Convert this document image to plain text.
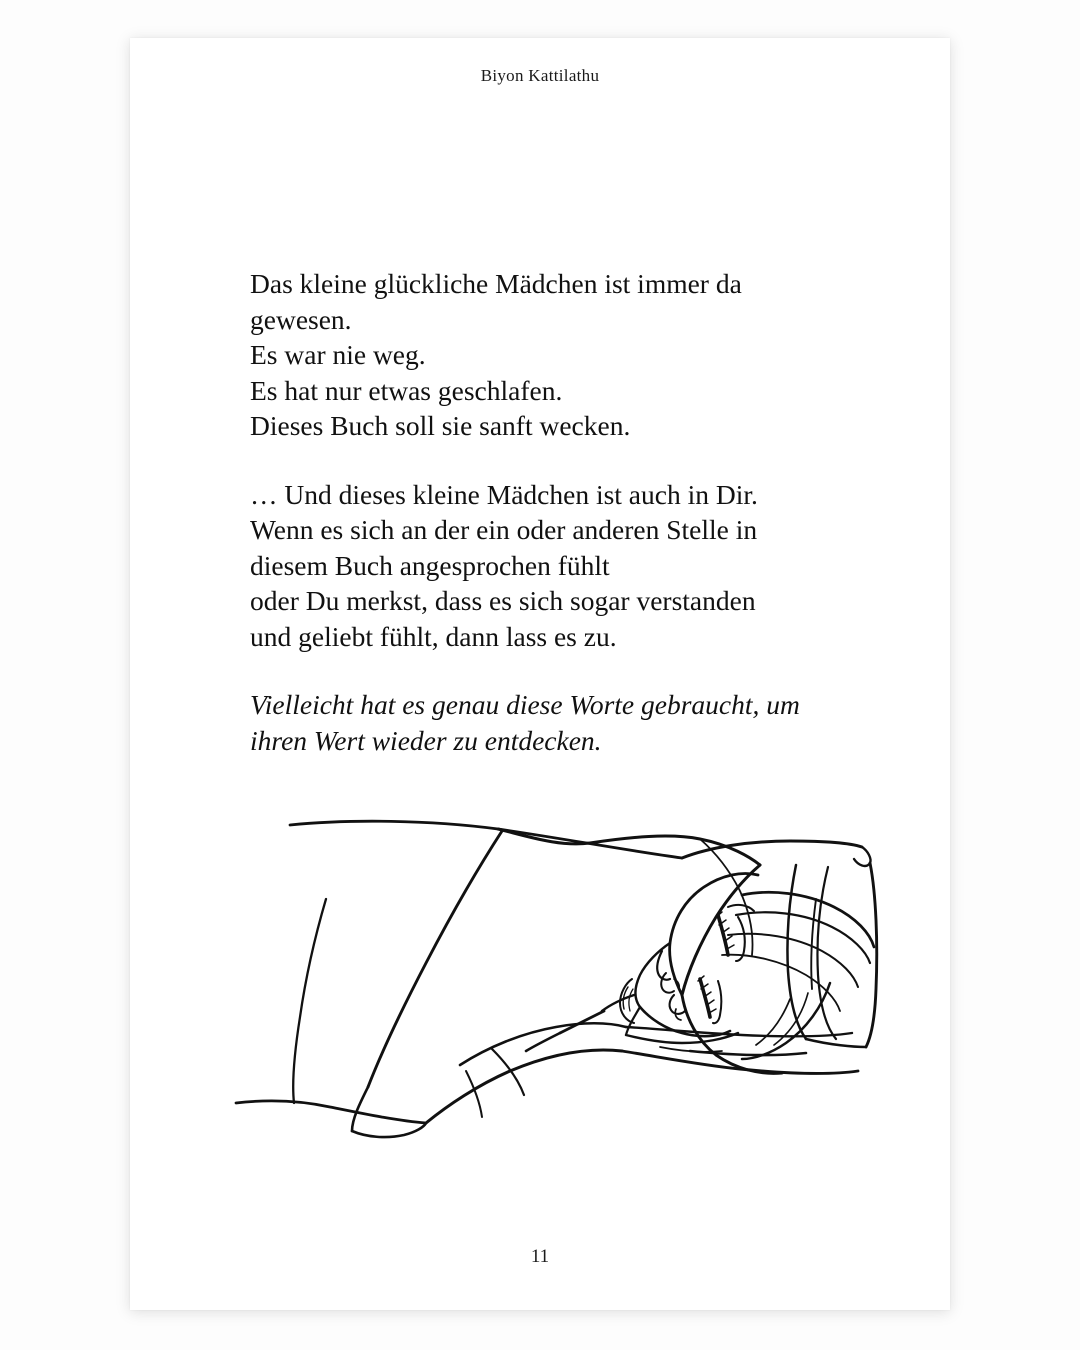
Biyon Kattilathu

Das kleine glückliche Mädchen ist immer da
gewesen.
Es war nie weg.
Es hat nur etwas geschlafen.
Dieses Buch soll sie sanft wecken.

… Und dieses kleine Mädchen ist auch in Dir.
Wenn es sich an der ein oder anderen Stelle in
diesem Buch angesprochen fühlt
oder Du merkst, dass es sich sogar verstanden
und geliebt fühlt, dann lass es zu.

Vielleicht hat es genau diese Worte gebraucht, um
ihren Wert wieder zu entdecken.

11
